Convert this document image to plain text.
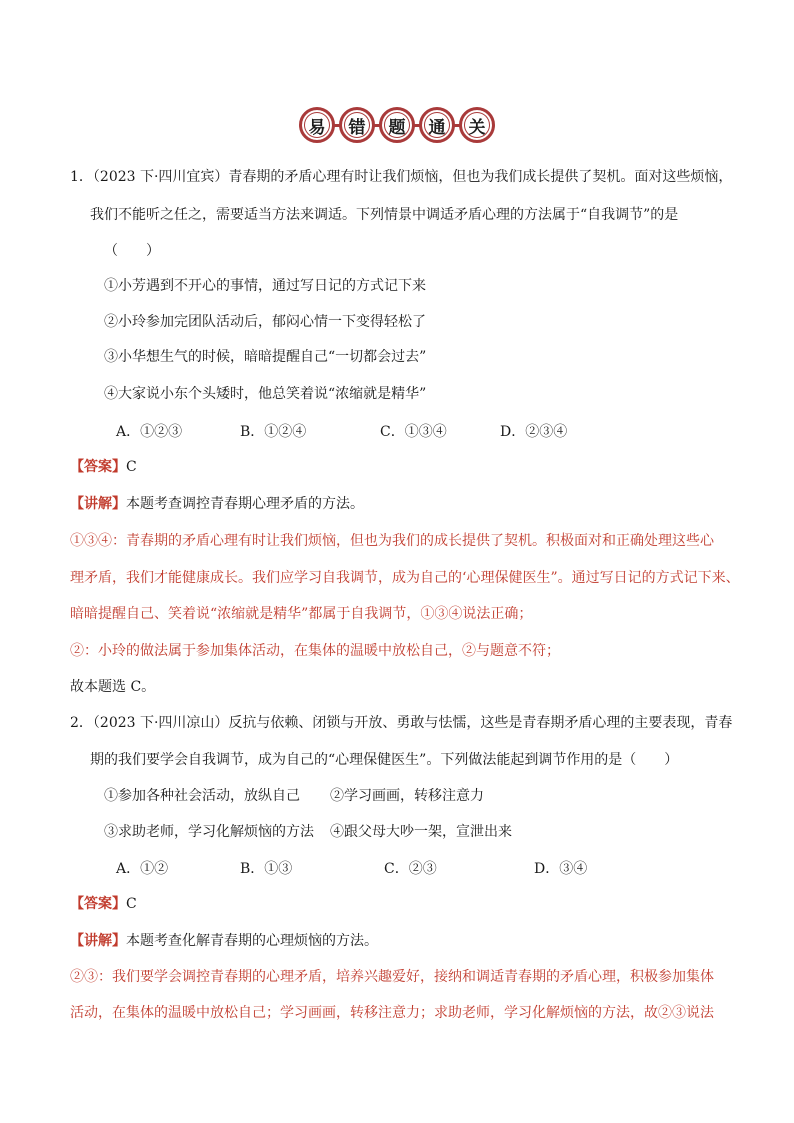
易	错	题	通	关
1．（2023 下·四川宜宾）青春期的矛盾心理有时让我们烦恼，但也为我们成长提供了契机。面对这些烦恼，
我们不能听之任之，需要适当方法来调适。下列情景中调适矛盾心理的方法属于“自我调节”的是
（　　）
①小芳遇到不开心的事情，通过写日记的方式记下来
②小玲参加完团队活动后，郁闷心情一下变得轻松了
③小华想生气的时候，暗暗提醒自己“一切都会过去”
④大家说小东个头矮时，他总笑着说“浓缩就是精华”
A．①②③	B．①②④	C．①③④	D．②③④
【答案】C
【讲解】本题考查调控青春期心理矛盾的方法。
①③④：青春期的矛盾心理有时让我们烦恼，但也为我们的成长提供了契机。积极面对和正确处理这些心
理矛盾，我们才能健康成长。我们应学习自我调节，成为自己的‘心理保健医生”。通过写日记的方式记下来、
暗暗提醒自己、笑着说“浓缩就是精华”都属于自我调节，①③④说法正确；
②：小玲的做法属于参加集体活动，在集体的温暖中放松自己，②与题意不符；
故本题选 C。
2．（2023 下·四川凉山）反抗与依赖、闭锁与开放、勇敢与怯懦，这些是青春期矛盾心理的主要表现，青春
期的我们要学会自我调节，成为自己的“心理保健医生”。下列做法能起到调节作用的是（　　）
①参加各种社会活动，放纵自己 ②学习画画，转移注意力
③求助老师，学习化解烦恼的方法 ④跟父母大吵一架，宣泄出来
A．①②	B．①③	C．②③	D．③④
【答案】C
【讲解】本题考查化解青春期的心理烦恼的方法。
②③：我们要学会调控青春期的心理矛盾，培养兴趣爱好，接纳和调适青春期的矛盾心理，积极参加集体
活动，在集体的温暖中放松自己；学习画画，转移注意力；求助老师，学习化解烦恼的方法，故②③说法
